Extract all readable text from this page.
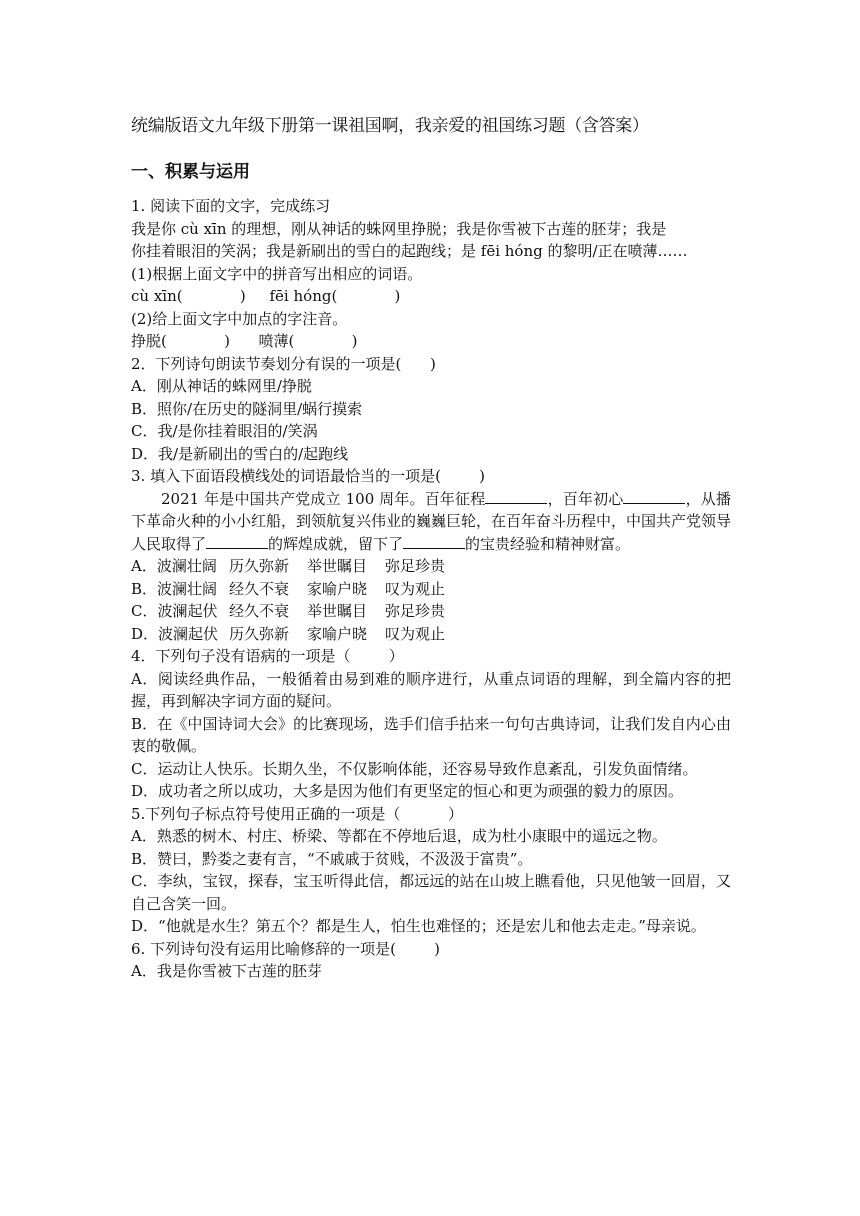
统编版语文九年级下册第一课祖国啊，我亲爱的祖国练习题（含答案）
一、积累与运用
1. 阅读下面的文字，完成练习
我是你 cù xīn 的理想，刚从神话的蛛网里挣脱；我是你雪被下古莲的胚芽；我是
你挂着眼泪的笑涡；我是新刷出的雪白的起跑线；是 fēi hóng 的黎明/正在喷薄……
(1)根据上面文字中的拼音写出相应的词语。
cù xīn(            )     fēi hóng(            )
(2)给上面文字中加点的字注音。
挣脱(            )      喷薄(            )
2．下列诗句朗读节奏划分有误的一项是(      )
A．刚从神话的蛛网里/挣脱
B．照你/在历史的隧洞里/蜗行摸索
C．我/是你挂着眼泪的/笑涡
D．我/是新刷出的雪白的/起跑线
3. 填入下面语段横线处的词语最恰当的一项是(        )
2021 年是中国共产党成立 100 周年。百年征程	，百年初心	，从播下革命火种的小小红船，到领航复兴伟业的巍巍巨轮，在百年奋斗历程中，中国共产党领导人民取得了	的辉煌成就，留下了	的宝贵经验和精神财富。
A．波澜壮阔 历久弥新 举世瞩目 弥足珍贵
B．波澜壮阔 经久不衰 家喻户晓 叹为观止
C．波澜起伏 经久不衰 举世瞩目 弥足珍贵
D．波澜起伏 历久弥新 家喻户晓 叹为观止
4．下列句子没有语病的一项是（        ）
A．阅读经典作品，一般循着由易到难的顺序进行，从重点词语的理解，到全篇内容的把握，再到解决字词方面的疑问。
B．在《中国诗词大会》的比赛现场，选手们信手拈来一句句古典诗词，让我们发自内心由衷的敬佩。
C．运动让人快乐。长期久坐，不仅影响体能，还容易导致作息紊乱，引发负面情绪。
D．成功者之所以成功，大多是因为他们有更坚定的恒心和更为顽强的毅力的原因。
5.下列句子标点符号使用正确的一项是（          ）
A．熟悉的树木、村庄、桥梁、等都在不停地后退，成为杜小康眼中的遥远之物。
B．赞曰，黔娄之妻有言，“不戚戚于贫贱，不汲汲于富贵”。
C．李纨，宝钗，探春，宝玉听得此信，都远远的站在山坡上瞧看他，只见他皱一回眉，又自己含笑一回。
D．“他就是水生？第五个？都是生人，怕生也难怪的；还是宏儿和他去走走。”母亲说。
6. 下列诗句没有运用比喻修辞的一项是(        )
A．我是你雪被下古莲的胚芽
